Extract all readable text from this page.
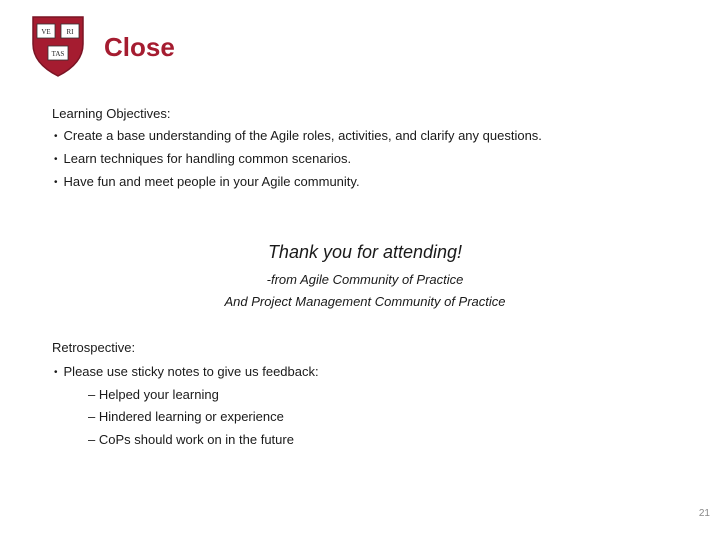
VE RI
TAS Close
Learning Objectives:
• Create a base understanding of the Agile roles, activities, and clarify any questions.
• Learn techniques for handling common scenarios.
• Have fun and meet people in your Agile community.
Thank you for attending!
-from Agile Community of Practice
And Project Management Community of Practice
Retrospective:
• Please use sticky notes to give us feedback:
– Helped your learning
– Hindered learning or experience
– CoPs should work on in the future
21
